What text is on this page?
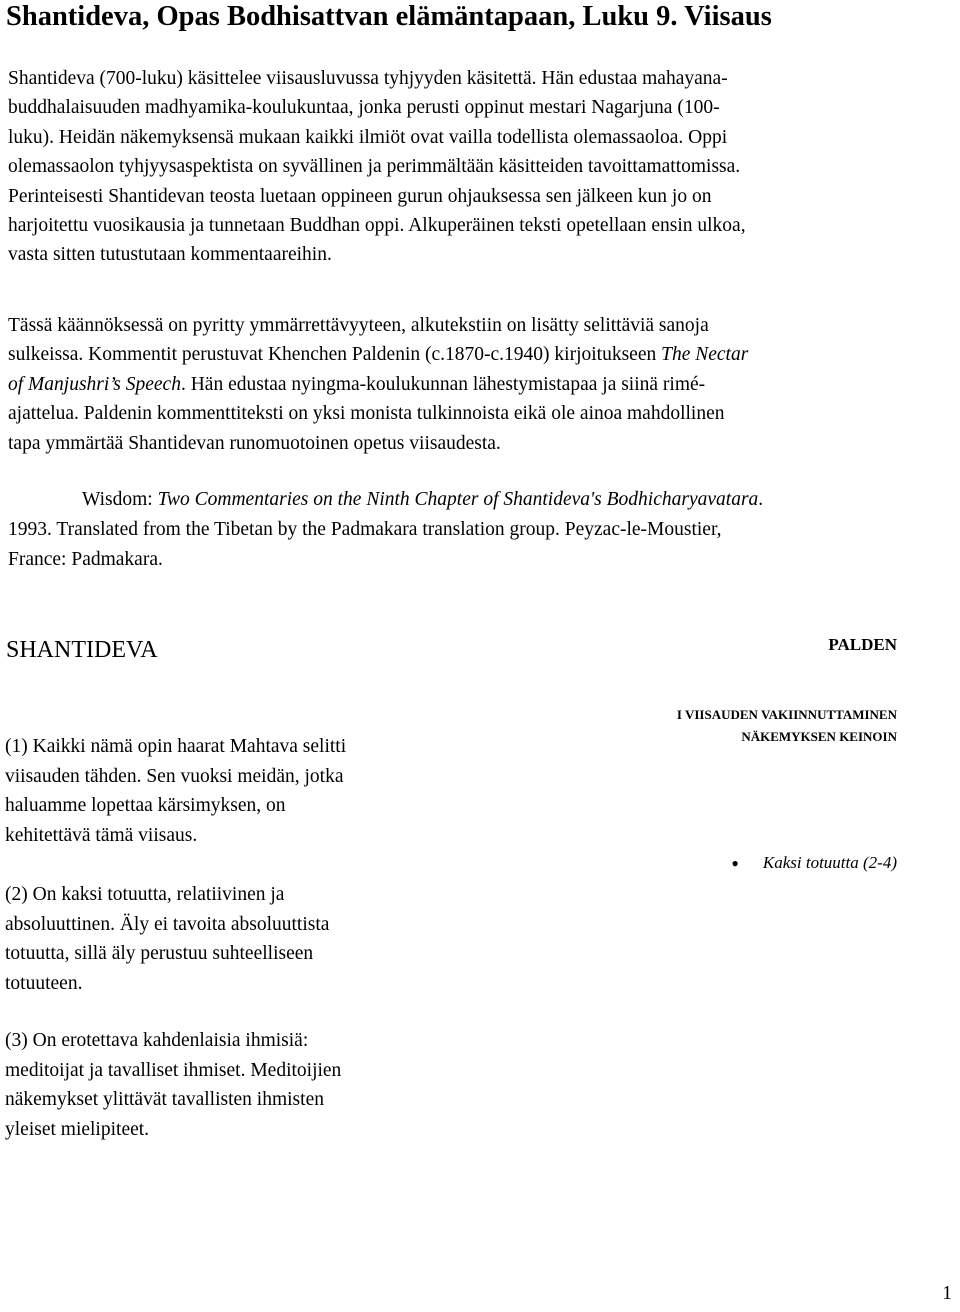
Shantideva, Opas Bodhisattvan elämäntapaan, Luku 9. Viisaus

Shantideva (700-luku) käsittelee viisausluvussa tyhjyyden käsitettä. Hän edustaa mahayana-
buddhalaisuuden madhyamika-koulukuntaa, jonka perusti oppinut mestari Nagarjuna (100-
luku). Heidän näkemyksensä mukaan kaikki ilmiöt ovat vailla todellista olemassaoloa. Oppi
olemassaolon tyhjyysaspektista on syvällinen ja perimmältään käsitteiden tavoittamattomissa.
Perinteisesti Shantidevan teosta luetaan oppineen gurun ohjauksessa sen jälkeen kun jo on
harjoitettu vuosikausia ja tunnetaan Buddhan oppi. Alkuperäinen teksti opetellaan ensin ulkoa,
vasta sitten tutustutaan kommentaareihin.

Tässä käännöksessä on pyritty ymmärrettävyyteen, alkutekstiin on lisätty selittäviä sanoja
sulkeissa. Kommentit perustuvat Khenchen Paldenin (c.1870-c.1940) kirjoitukseen The Nectar
of Manjushri’s Speech. Hän edustaa nyingma-koulukunnan lähestymistapaa ja siinä rimé-
ajattelua. Paldenin kommenttiteksti on yksi monista tulkinnoista eikä ole ainoa mahdollinen
tapa ymmärtää Shantidevan runomuotoinen opetus viisaudesta.

Wisdom: Two Commentaries on the Ninth Chapter of Shantideva's Bodhicharyavatara.
1993. Translated from the Tibetan by the Padmakara translation group. Peyzac-le-Moustier,
France: Padmakara.

SHANTIDEVA	PALDEN

I VIISAUDEN VAKIINNUTTAMINEN
NÄKEMYKSEN KEINOIN

• Kaksi totuutta (2-4)

(1) Kaikki nämä opin haarat Mahtava selitti
viisauden tähden. Sen vuoksi meidän, jotka
haluamme lopettaa kärsimyksen, on
kehitettävä tämä viisaus.

(2) On kaksi totuutta, relatiivinen ja
absoluuttinen. Äly ei tavoita absoluuttista
totuutta, sillä äly perustuu suhteelliseen
totuuteen.

(3) On erotettava kahdenlaisia ihmisiä:
meditoijat ja tavalliset ihmiset. Meditoijien
näkemykset ylittävät tavallisten ihmisten
yleiset mielipiteet.

1
